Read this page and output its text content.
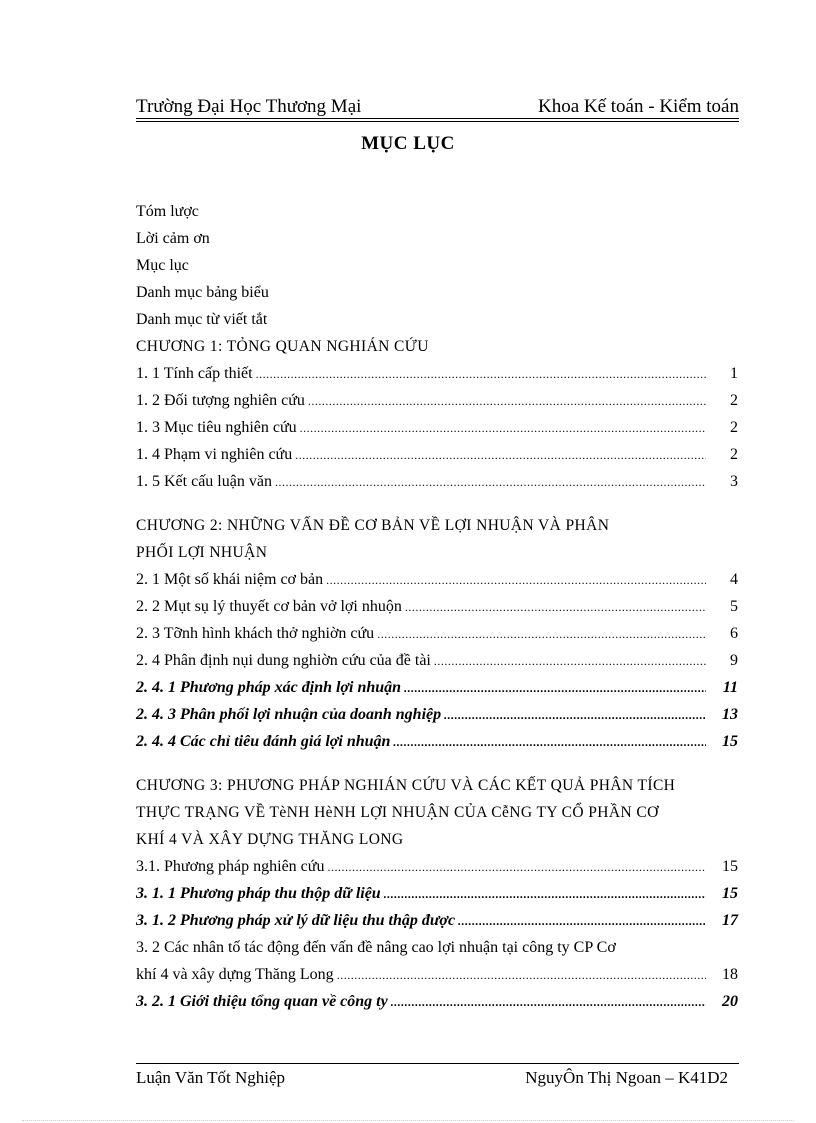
Trường Đại Học Thương Mại	Khoa Kế toán - Kiểm toán
MỤC LỤC
Tóm lược
Lời cảm ơn
Mục lục
Danh mục bảng biểu
Danh mục từ viết tắt
CHƯƠNG 1: TỎNG QUAN NGHIÁN CỨU
1. 1 Tính cấp thiết .....	1
1. 2 Đối tượng nghiên cứu .....	2
1. 3 Mục tiêu nghiên cứu .....	2
1. 4 Phạm vi nghiên cứu .....	2
1. 5 Kết cấu luận văn .....	3
CHƯƠNG 2: NHỮNG VẤN ĐỀ CƠ BẢN VỀ LỢI NHUẬN VÀ PHÂN
PHỐI LỢI NHUẬN
2. 1 Một số khái niệm cơ bản .....	4
2. 2 Mụt sụ lý thuyết cơ bản vở lợi nhuộn .....	5
2. 3 Tỡnh hình khách thở nghiờn cứu .....	6
2. 4 Phân định nụi dung nghiờn cứu của đề tài .....	9
2. 4. 1 Phương pháp xác định lợi nhuận .....	11
2. 4. 3 Phân phối lợi nhuận của doanh nghiệp .....	13
2. 4. 4 Các chỉ tiêu đánh giá lợi nhuận .....	15
CHƯƠNG 3: PHƯƠNG PHÁP NGHIÁN CỨU VÀ CÁC KẾT QUẢ PHÂN TÍCH
THỰC TRẠNG VỀ TèNH HèNH LỢI NHUẬN CỦA CễNG TY CỔ PHẦN CƠ
KHÍ 4 VÀ XÂY DỰNG THĂNG LONG
3.1. Phương pháp nghiên cứu .....	15
3. 1. 1 Phương pháp thu thộp dữ liệu .....	15
3. 1. 2 Phương pháp xử lý dữ liệu thu thập được .....	17
3. 2 Các nhân tố tác động đến vấn đề nâng cao lợi nhuận tại công ty CP Cơ
khí 4 và xây dựng Thăng Long .....	18
3. 2. 1 Giới thiệu tổng quan về công ty .....	20
Luận Văn Tốt Nghiệp	NguyÔn Thị Ngoan – K41D2
